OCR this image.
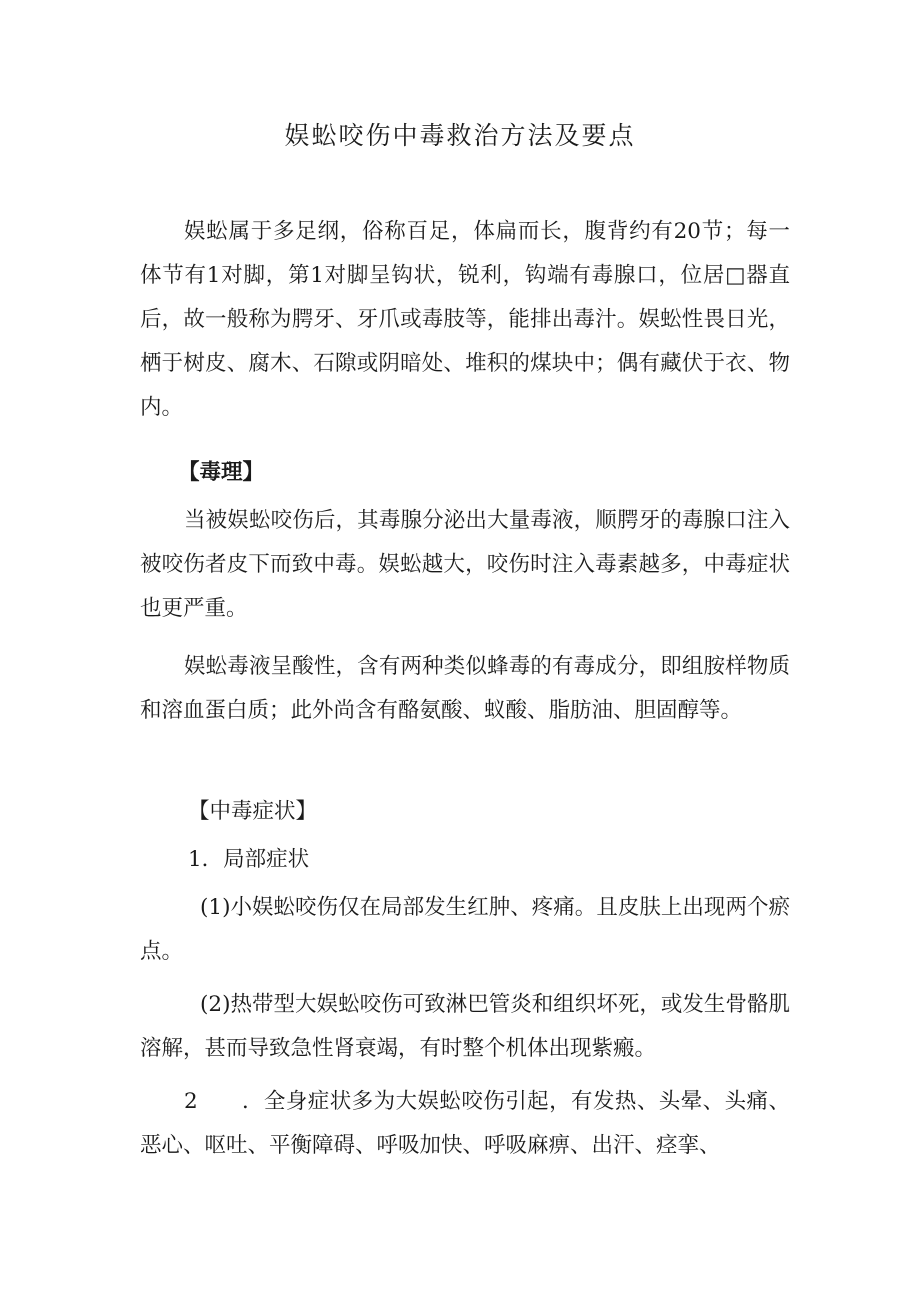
娱蚣咬伤中毒救治方法及要点

娱蚣属于多足纲，俗称百足，体扁而长，腹背约有20节；每一体节有1对脚，第1对脚呈钩状，锐利，钩端有毒腺口，位居□器直后，故一般称为腭牙、牙爪或毒肢等，能排出毒汁。娱蚣性畏日光，栖于树皮、腐木、石隙或阴暗处、堆积的煤块中；偶有藏伏于衣、物内。

【毒理】

当被娱蚣咬伤后，其毒腺分泌出大量毒液，顺腭牙的毒腺口注入被咬伤者皮下而致中毒。娱蚣越大，咬伤时注入毒素越多，中毒症状也更严重。

娱蚣毒液呈酸性，含有两种类似蜂毒的有毒成分，即组胺样物质和溶血蛋白质；此外尚含有酪氨酸、蚁酸、脂肪油、胆固醇等。

【中毒症状】
1．局部症状

(1)小娱蚣咬伤仅在局部发生红肿、疼痛。且皮肤上出现两个瘀点。

(2)热带型大娱蚣咬伤可致淋巴管炎和组织坏死，或发生骨骼肌溶解，甚而导致急性肾衰竭，有时整个机体出现紫瘢。

2　　．全身症状多为大娱蚣咬伤引起，有发热、头晕、头痛、恶心、呕吐、平衡障碍、呼吸加快、呼吸麻痹、出汗、痉挛、
